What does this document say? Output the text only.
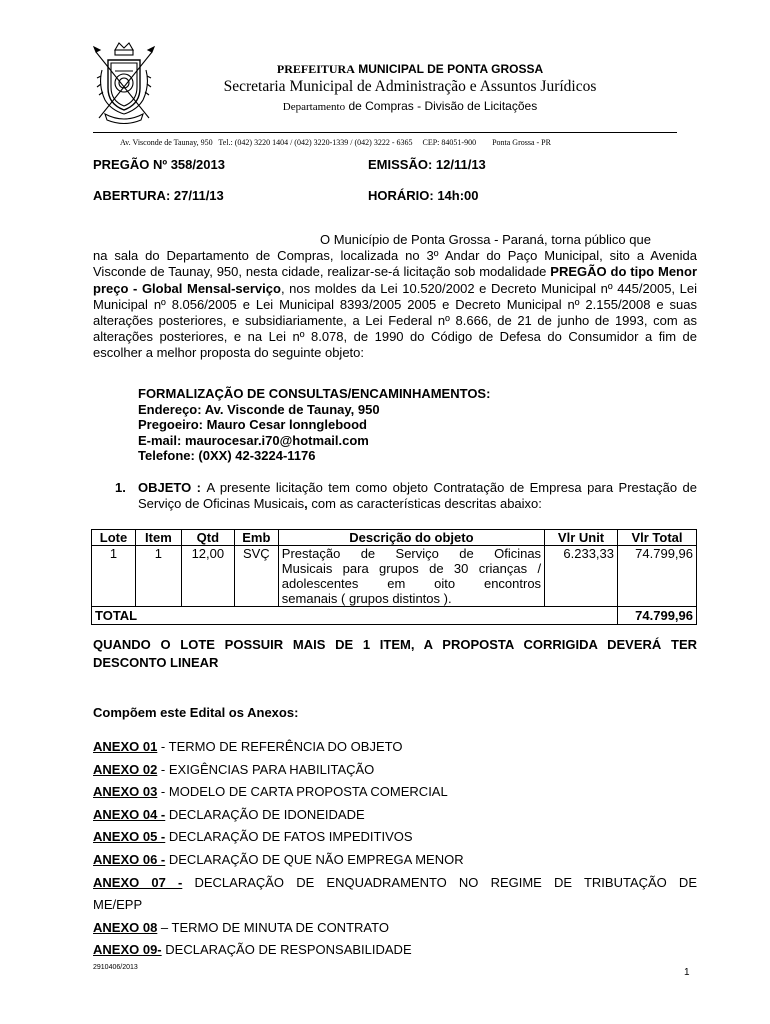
PREFEITURA MUNICIPAL DE PONTA GROSSA
Secretaria Municipal de Administração e Assuntos Jurídicos
Departamento de Compras - Divisão de Licitações
Av. Visconde de Taunay, 950   Tel.: (042) 3220 1404 / (042) 3220-1339 / (042) 3222 - 6365     CEP: 84051-900        Ponta Grossa - PR
PREGÃO Nº 358/2013	EMISSÃO: 12/11/13
ABERTURA: 27/11/13	HORÁRIO: 14h:00
O Município de Ponta Grossa - Paraná, torna público que
na sala do Departamento de Compras, localizada no 3º Andar do Paço Municipal, sito a Avenida Visconde de Taunay, 950, nesta cidade, realizar-se-á licitação sob modalidade PREGÃO do tipo Menor preço - Global Mensal-serviço, nos moldes da Lei 10.520/2002 e Decreto Municipal nº 445/2005, Lei Municipal nº 8.056/2005 e Lei Municipal 8393/2005 2005 e Decreto Municipal nº 2.155/2008 e suas alterações posteriores, e subsidiariamente, a Lei Federal nº 8.666, de 21 de junho de 1993, com as alterações posteriores, e na Lei nº 8.078, de 1990 do Código de Defesa do Consumidor a fim de escolher a melhor proposta do seguinte objeto:
FORMALIZAÇÃO DE CONSULTAS/ENCAMINHAMENTOS:
Endereço: Av. Visconde de Taunay, 950
Pregoeiro: Mauro Cesar lonnglebood
E-mail: maurocesar.i70@hotmail.com
Telefone: (0XX) 42-3224-1176
1. OBJETO : A presente licitação tem como objeto Contratação de Empresa para Prestação de Serviço de Oficinas Musicais, com as características descritas abaixo:
Lote	Item	Qtd	Emb	Descrição do objeto	Vlr Unit	Vlr Total
1	1	12,00	SVÇ	Prestação de Serviço de Oficinas
Musicais para grupos de 30 crianças /
adolescentes em oito encontros
semanais ( grupos distintos ).	6.233,33	74.799,96
TOTAL						74.799,96
QUANDO O LOTE POSSUIR MAIS DE 1 ITEM, A PROPOSTA CORRIGIDA DEVERÁ TER DESCONTO LINEAR
Compõem este Edital os Anexos:
ANEXO 01 - TERMO DE REFERÊNCIA DO OBJETO
ANEXO 02 - EXIGÊNCIAS PARA HABILITAÇÃO
ANEXO 03 - MODELO DE CARTA PROPOSTA COMERCIAL
ANEXO 04 - DECLARAÇÃO DE IDONEIDADE
ANEXO 05 - DECLARAÇÃO DE FATOS IMPEDITIVOS
ANEXO 06 - DECLARAÇÃO DE QUE NÃO EMPREGA MENOR
ANEXO 07 - DECLARAÇÃO DE ENQUADRAMENTO NO REGIME DE TRIBUTAÇÃO DE
ME/EPP
ANEXO 08 – TERMO DE MINUTA DE CONTRATO
ANEXO 09- DECLARAÇÃO DE RESPONSABILIDADE
2910406/2013	1
